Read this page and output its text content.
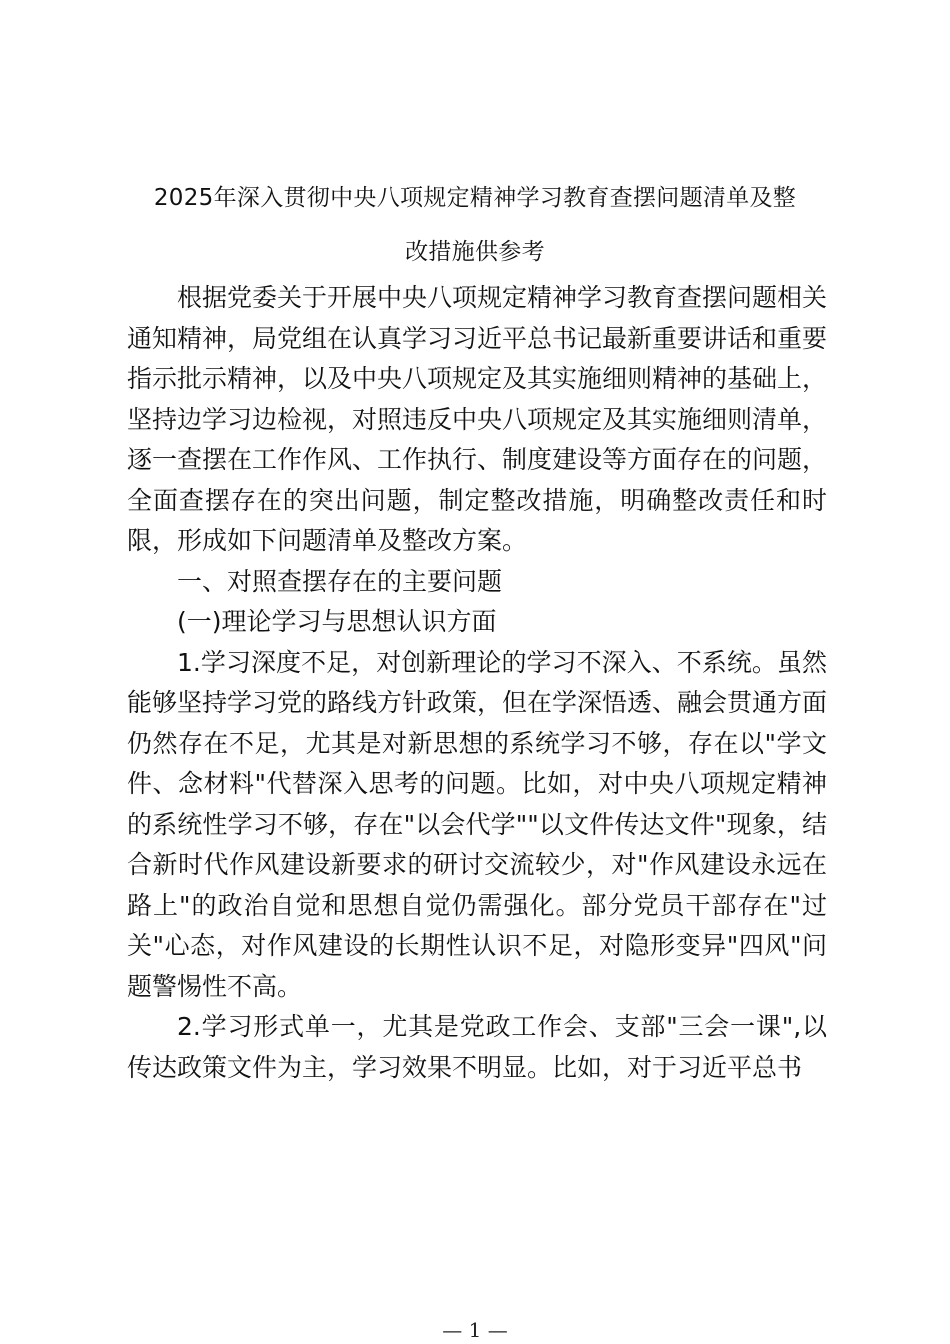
2025年深入贯彻中央八项规定精神学习教育查摆问题清单及整
改措施供参考

根据党委关于开展中央八项规定精神学习教育查摆问题相关通知精神，局党组在认真学习习近平总书记最新重要讲话和重要指示批示精神，以及中央八项规定及其实施细则精神的基础上，坚持边学习边检视，对照违反中央八项规定及其实施细则清单，逐一查摆在工作作风、工作执行、制度建设等方面存在的问题，全面查摆存在的突出问题，制定整改措施，明确整改责任和时限，形成如下问题清单及整改方案。

一、对照查摆存在的主要问题

(一)理论学习与思想认识方面

1.学习深度不足，对创新理论的学习不深入、不系统。虽然能够坚持学习党的路线方针政策，但在学深悟透、融会贯通方面仍然存在不足，尤其是对新思想的系统学习不够，存在以"学文件、念材料"代替深入思考的问题。比如，对中央八项规定精神的系统性学习不够，存在"以会代学""以文件传达文件"现象，结合新时代作风建设新要求的研讨交流较少，对"作风建设永远在路上"的政治自觉和思想自觉仍需强化。部分党员干部存在"过关"心态，对作风建设的长期性认识不足，对隐形变异"四风"问题警惕性不高。

2.学习形式单一，尤其是党政工作会、支部"三会一课",以传达政策文件为主，学习效果不明显。比如，对于习近平总书

— 1 —
